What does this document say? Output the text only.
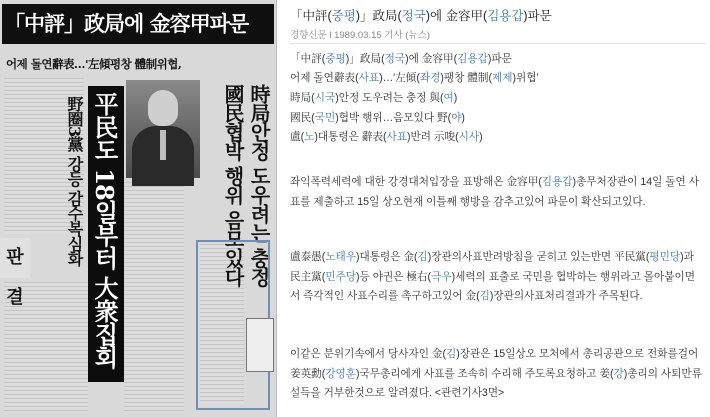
「中評」政局에 金容甲파문
어제 돌연辭表…'左傾평창 體制위협,
野圈3黨 강등 감수복심화 平民도 18일부터 大衆집회	國民협박 행위 음모있다 時局안정 도우려는 충정
판결
「中評(중평)」政局(정국)에 金容甲(김용갑)파문
경향신문 l 1989.03.15 기사 (뉴스)
「中評(중평)」政局(정국)에 金容甲(김용갑)파문
어제 돌연辭表(사표)…'左傾(좌경)팽창 體制(제제)위협'
時局(시국)안정 도우려는 충정 與(여)
國民(국민)협박 행위…음모있다 野(야)
盧(노)대통령은 辭表(사표)반려 示唆(시사)
좌익폭력세력에 대한 강경대처입장을 표방해온 金容甲(김용갑)총무처장관이 14일 돌연 사표를 제출하고 15일 상오현재 이틀째 행방을 감추고있어 파문이 확산되고있다.
盧泰愚(노태우)대통령은 金(김)장관의사표반려방침을 굳히고 있는반면 平民黨(평민당)과 民主黨(민주당)등 야권은 極右(극우)세력의 표출로 국민을 협박하는 행위라고 몰아붙이면서 즉각적인 사표수리를 촉구하고있어 金(김)장관의사표처리결과가 주목된다.
이같은 분위기속에서 당사자인 金(김)장관은 15일상오 모처에서 총리공관으로 전화를걸어 姜英勳(강영훈)국무총리에게 사표를 조속히 수리해 주도록요청하고 姜(강)총리의 사퇴만류설득을 거부한것으로 알려졌다. <관련기사3면>
